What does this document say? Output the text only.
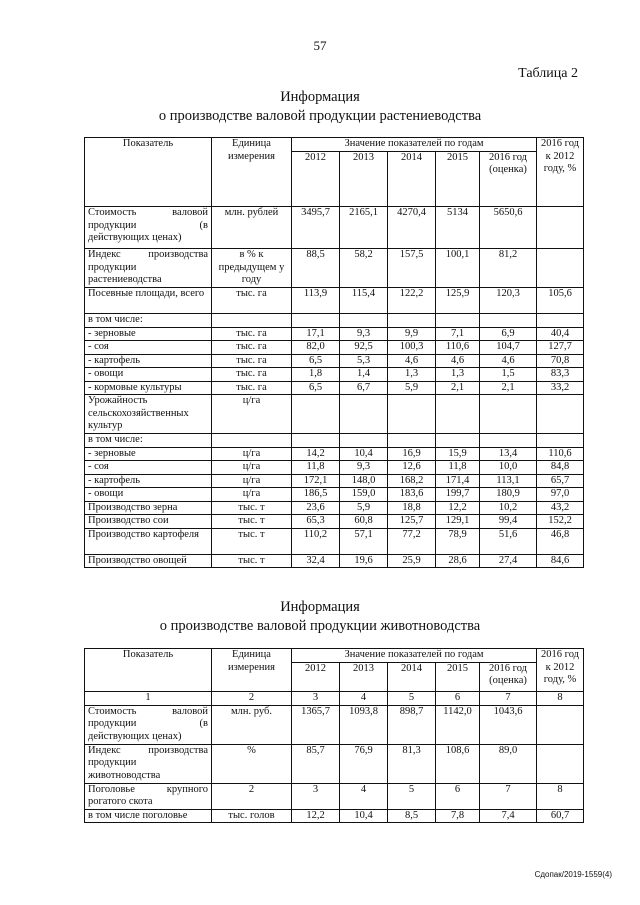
57
Таблица 2
Информация
о производстве валовой продукции растениеводства
Показатель	Единица измерения	Значение показателей по годам					2016 год к 2012 году, %
		2012	2013	2014	2015	2016 год (оценка)	
Стоимость валовой продукции (в действующих ценах)	млн. рублей	3495,7	2165,1	4270,4	5134	5650,6	
Индекс производства продукции растениеводства	в % к предыдущем у году	88,5	58,2	157,5	100,1	81,2	
Посевные площади, всего	тыс. га	113,9	115,4	122,2	125,9	120,3	105,6
в том числе:							
- зерновые	тыс. га	17,1	9,3	9,9	7,1	6,9	40,4
- соя	тыс. га	82,0	92,5	100,3	110,6	104,7	127,7
- картофель	тыс. га	6,5	5,3	4,6	4,6	4,6	70,8
- овощи	тыс. га	1,8	1,4	1,3	1,3	1,5	83,3
- кормовые культуры	тыс. га	6,5	6,7	5,9	2,1	2,1	33,2
Урожайность сельскохозяйственных культур	ц/га						
в том числе:							
- зерновые	ц/га	14,2	10,4	16,9	15,9	13,4	110,6
- соя	ц/га	11,8	9,3	12,6	11,8	10,0	84,8
- картофель	ц/га	172,1	148,0	168,2	171,4	113,1	65,7
- овощи	ц/га	186,5	159,0	183,6	199,7	180,9	97,0
Производство зерна	тыс. т	23,6	5,9	18,8	12,2	10,2	43,2
Производство сои	тыс. т	65,3	60,8	125,7	129,1	99,4	152,2
Производство картофеля	тыс. т	110,2	57,1	77,2	78,9	51,6	46,8
Производство овощей	тыс. т	32,4	19,6	25,9	28,6	27,4	84,6
Информация
о производстве валовой продукции животноводства
Показатель	Единица измерения	Значение показателей по годам					2016 год к 2012 году, %
		2012	2013	2014	2015	2016 год (оценка)	
1	2	3	4	5	6	7	8
Стоимость валовой продукции (в действующих ценах)	млн. руб.	1365,7	1093,8	898,7	1142,0	1043,6	
Индекс производства продукции животноводства	%	85,7	76,9	81,3	108,6	89,0	
Поголовье крупного рогатого скота	2	3	4	5	6	7	8
в том числе поголовье	тыс. голов	12,2	10,4	8,5	7,8	7,4	60,7
Сдопак/2019-1559(4)
